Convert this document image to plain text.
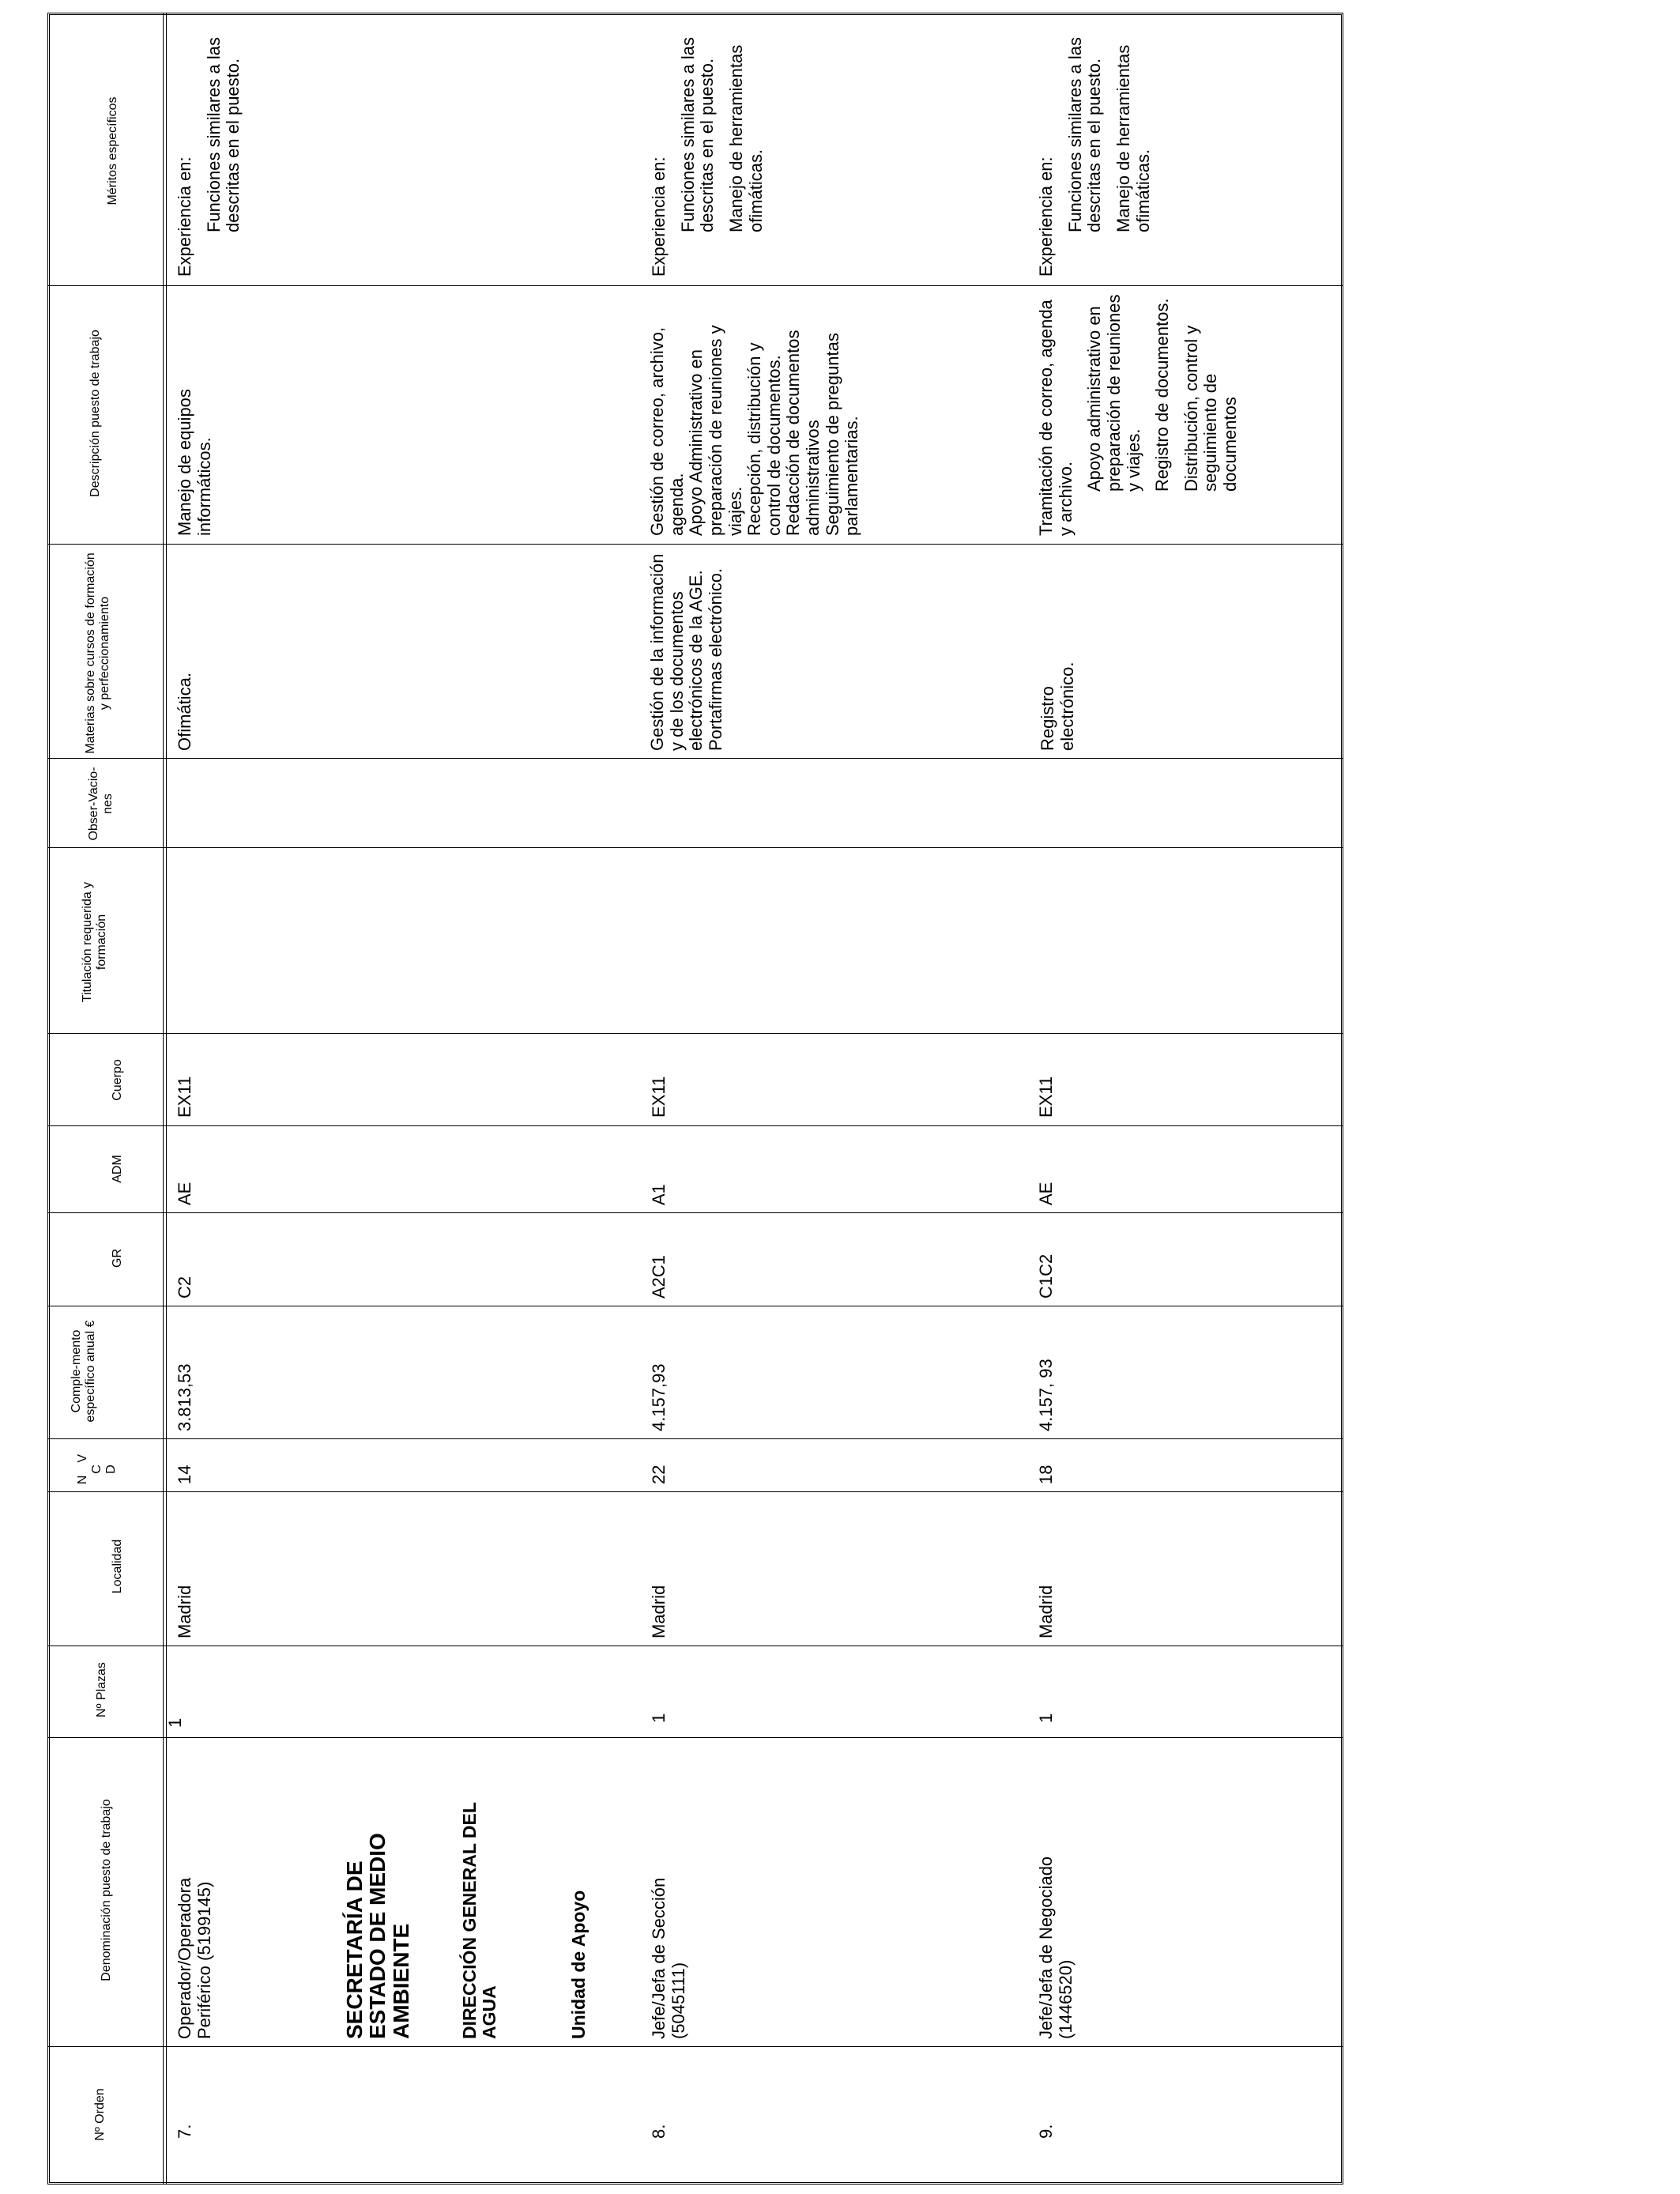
Méritos específicos
Descripción puesto de trabajo
Materias sobre cursos de formación y perfeccionamiento
Obser-Vacio-nes
Titulación requerida y formación
Cuerpo
ADM
GR
Comple-mento específico anual €
NV C D
Localidad
Nº Plazas
Denominación puesto de trabajo
Nº Orden

Experiencia en: Funciones similares a las descritas en el puesto.

Manejo de equipos informáticos.

Ofimática.
EX11
AE
C2
3.813,53
14
Madrid
1
Operador/Operadora Periférico (5199145)
7.
SECRETARÍA DE ESTADO DE MEDIO AMBIENTE	DIRECCIÓN GENERAL DEL AGUA	Unidad de Apoyo

Experiencia en: Funciones similares a las descritas en el puesto. Manejo de herramientas ofimáticas.

Gestión de correo, archivo, agenda. Apoyo Administrativo en preparación de reuniones y viajes. Recepción, distribución y control de documentos. Redacción de documentos administrativos Seguimiento de preguntas parlamentarias.
Gestión de la información y de los documentos electrónicos de la AGE. Portafirmas electrónico.
EX11
A1
A2C1
4.157,93
22
Madrid
1
Jefe/Jefa de Sección (5045111)
8.

Experiencia en: Funciones similares a las descritas en el puesto. Manejo de herramientas ofimáticas.

Tramitación de correo, agenda y archivo.

Apoyo administrativo en preparación de reuniones y viajes. Registro de documentos. Distribución, control y seguimiento de documentos

Registro electrónico.
EX11
AE
C1C2
4.157, 93
18
Madrid
1
Jefe/Jefa de Negociado (1446520)
9.
